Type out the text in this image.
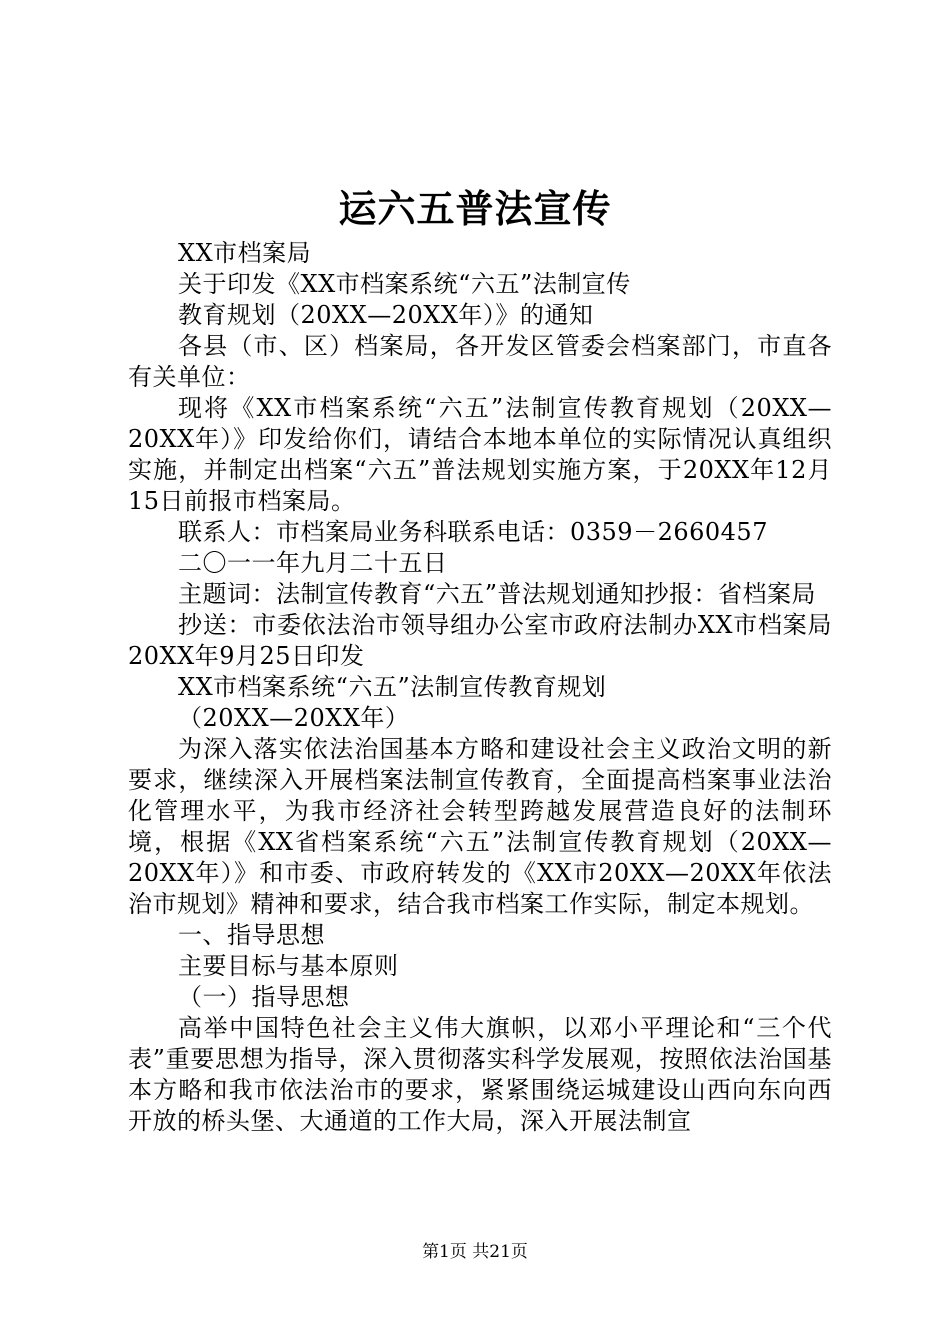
运六五普法宣传

XX市档案局

关于印发《XX市档案系统“六五”法制宣传

教育规划（20XX—20XX年）》的通知

各县（市、区）档案局，各开发区管委会档案部门，市直各有关单位：

现将《XX市档案系统“六五”法制宣传教育规划（20XX—20XX年）》印发给你们，请结合本地本单位的实际情况认真组织实施，并制定出档案“六五”普法规划实施方案，于20XX年12月15日前报市档案局。

联系人：市档案局业务科联系电话：0359－2660457

二〇一一年九月二十五日

主题词：法制宣传教育“六五”普法规划通知抄报：省档案局

抄送：市委依法治市领导组办公室市政府法制办XX市档案局20XX年9月25日印发

XX市档案系统“六五”法制宣传教育规划

（20XX—20XX年）

为深入落实依法治国基本方略和建设社会主义政治文明的新要求，继续深入开展档案法制宣传教育，全面提高档案事业法治化管理水平，为我市经济社会转型跨越发展营造良好的法制环境，根据《XX省档案系统“六五”法制宣传教育规划（20XX—20XX年）》和市委、市政府转发的《XX市20XX—20XX年依法治市规划》精神和要求，结合我市档案工作实际，制定本规划。

一、指导思想

主要目标与基本原则

（一）指导思想

高举中国特色社会主义伟大旗帜，以邓小平理论和“三个代表”重要思想为指导，深入贯彻落实科学发展观，按照依法治国基本方略和我市依法治市的要求，紧紧围绕运城建设山西向东向西开放的桥头堡、大通道的工作大局，深入开展法制宣

第1页 共21页
